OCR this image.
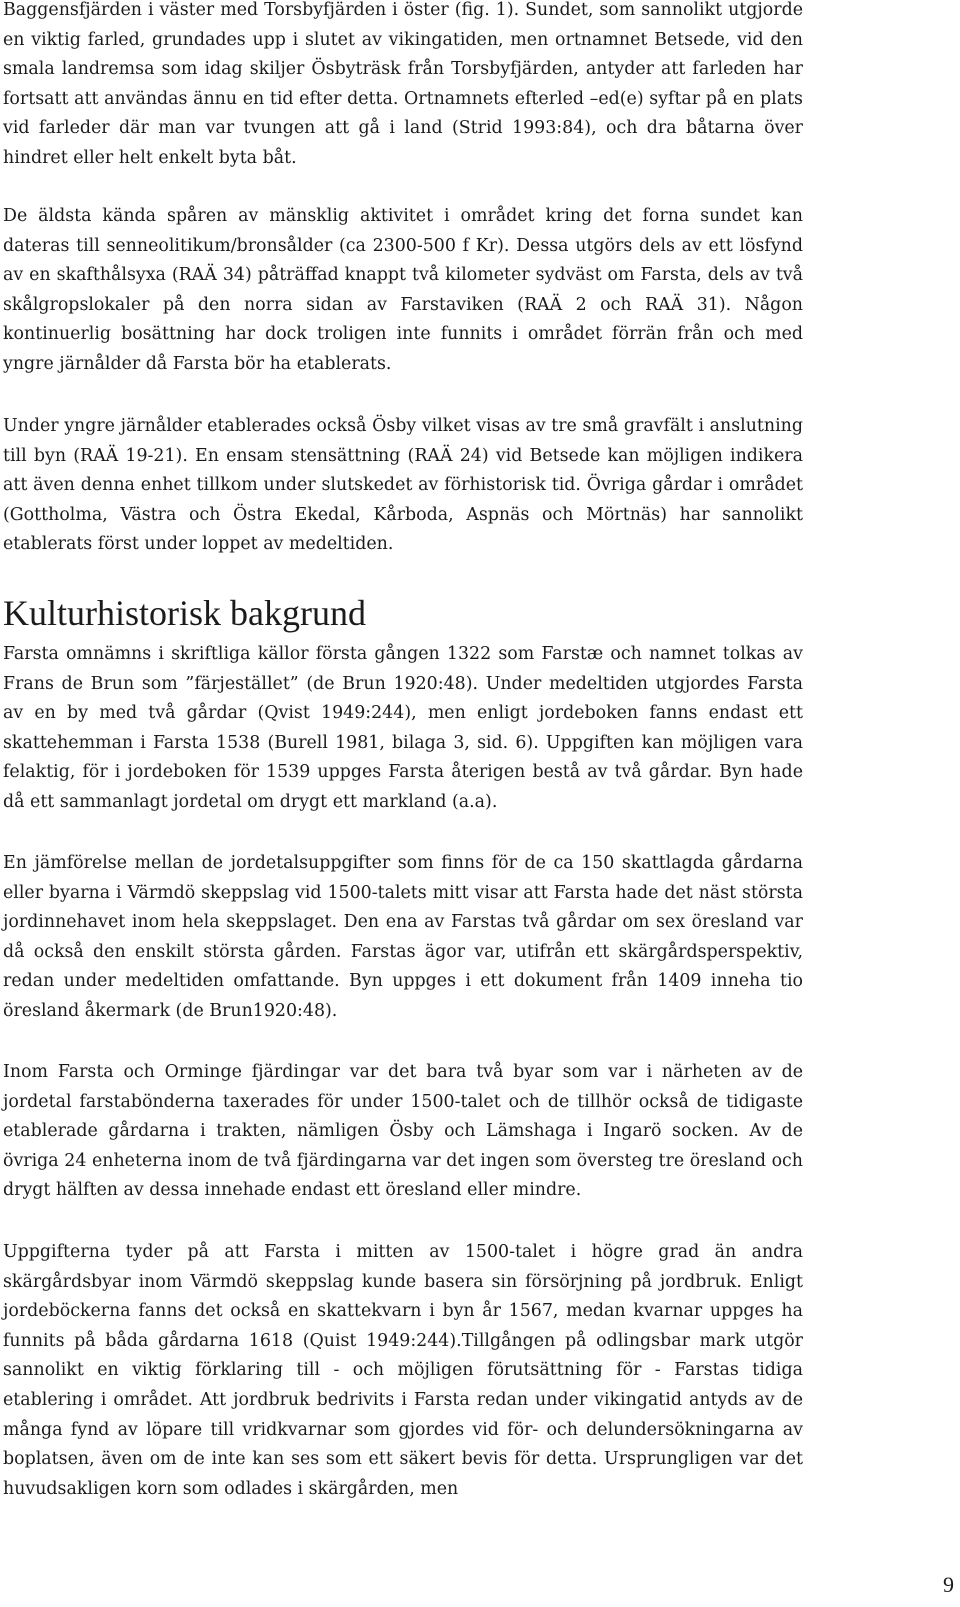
Baggensfjärden i väster med Torsbyfjärden i öster (fig. 1). Sundet, som sannolikt utgjorde en viktig farled, grundades upp i slutet av vikingatiden, men ortnamnet Betsede, vid den smala landremsa som idag skiljer Ösbyträsk från Torsbyfjärden, antyder att farleden har fortsatt att användas ännu en tid efter detta. Ortnamnets efterled –ed(e) syftar på en plats vid farleder där man var tvungen att gå i land (Strid 1993:84), och dra båtarna över hindret eller helt enkelt byta båt.

De äldsta kända spåren av mänsklig aktivitet i området kring det forna sundet kan dateras till senneolitikum/bronsålder (ca 2300-500 f Kr). Dessa utgörs dels av ett lösfynd av en skafthålsyxa (RAÄ 34) påträffad knappt två kilometer sydväst om Farsta, dels av två skålgropslokaler på den norra sidan av Farstaviken (RAÄ 2 och RAÄ 31). Någon kontinuerlig bosättning har dock troligen inte funnits i området förrän från och med yngre järnålder då Farsta bör ha etablerats.

Under yngre järnålder etablerades också Ösby vilket visas av tre små gravfält i anslutning till byn (RAÄ 19-21). En ensam stensättning (RAÄ 24) vid Betsede kan möjligen indikera att även denna enhet tillkom under slutskedet av förhistorisk tid. Övriga gårdar i området (Gottholma, Västra och Östra Ekedal, Kårboda, Aspnäs och Mörtnäs) har sannolikt etablerats först under loppet av medeltiden.

Kulturhistorisk bakgrund

Farsta omnämns i skriftliga källor första gången 1322 som Farstæ och namnet tolkas av Frans de Brun som ”färjestället” (de Brun 1920:48). Under medeltiden utgjordes Farsta av en by med två gårdar (Qvist 1949:244), men enligt jordeboken fanns endast ett skattehemman i Farsta 1538 (Burell 1981, bilaga 3, sid. 6). Uppgiften kan möjligen vara felaktig, för i jordeboken för 1539 uppges Farsta återigen bestå av två gårdar. Byn hade då ett sammanlagt jordetal om drygt ett markland (a.a).

En jämförelse mellan de jordetalsuppgifter som finns för de ca 150 skattlagda gårdarna eller byarna i Värmdö skeppslag vid 1500-talets mitt visar att Farsta hade det näst största jordinnehavet inom hela skeppslaget. Den ena av Farstas två gårdar om sex öresland var då också den enskilt största gården. Farstas ägor var, utifrån ett skärgårdsperspektiv, redan under medeltiden omfattande. Byn uppges i ett dokument från 1409 inneha tio öresland åkermark (de Brun1920:48).

Inom Farsta och Orminge fjärdingar var det bara två byar som var i närheten av de jordetal farstabönderna taxerades för under 1500-talet och de tillhör också de tidigaste etablerade gårdarna i trakten, nämligen Ösby och Lämshaga i Ingarö socken. Av de övriga 24 enheterna inom de två fjärdingarna var det ingen som översteg tre öresland och drygt hälften av dessa innehade endast ett öresland eller mindre.

Uppgifterna tyder på att Farsta i mitten av 1500-talet i högre grad än andra skärgårdsbyar inom Värmdö skeppslag kunde basera sin försörjning på jordbruk. Enligt jordeböckerna fanns det också en skattekvarn i byn år 1567, medan kvarnar uppges ha funnits på båda gårdarna 1618 (Quist 1949:244).Tillgången på odlingsbar mark utgör sannolikt en viktig förklaring till - och möjligen förutsättning för - Farstas tidiga etablering i området. Att jordbruk bedrivits i Farsta redan under vikingatid antyds av de många fynd av löpare till vridkvarnar som gjordes vid för- och delundersökningarna av boplatsen, även om de inte kan ses som ett säkert bevis för detta. Ursprungligen var det huvudsakligen korn som odlades i skärgården, men

9
